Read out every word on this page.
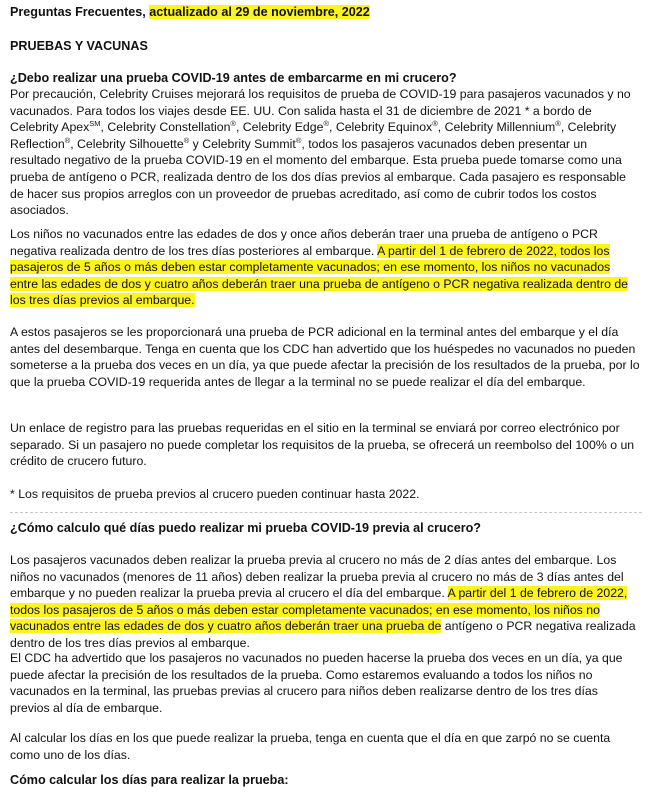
Preguntas Frecuentes, actualizado al 29 de noviembre, 2022
PRUEBAS Y VACUNAS
¿Debo realizar una prueba COVID-19 antes de embarcarme en mi crucero?

Por precaución, Celebrity Cruises mejorará los requisitos de prueba de COVID-19 para pasajeros vacunados y no vacunados. Para todos los viajes desde EE. UU. Con salida hasta el 31 de diciembre de 2021 * a bordo de Celebrity Apex℠, Celebrity Constellation®, Celebrity Edge®, Celebrity Equinox®, Celebrity Millennium®, Celebrity Reflection®, Celebrity Silhouette® y Celebrity Summit®, todos los pasajeros vacunados deben presentar un resultado negativo de la prueba COVID-19 en el momento del embarque. Esta prueba puede tomarse como una prueba de antígeno o PCR, realizada dentro de los dos días previos al embarque. Cada pasajero es responsable de hacer sus propios arreglos con un proveedor de pruebas acreditado, así como de cubrir todos los costos asociados.

Los niños no vacunados entre las edades de dos y once años deberán traer una prueba de antígeno o PCR negativa realizada dentro de los tres días posteriores al embarque. A partir del 1 de febrero de 2022, todos los pasajeros de 5 años o más deben estar completamente vacunados; en ese momento, los niños no vacunados entre las edades de dos y cuatro años deberán traer una prueba de antígeno o PCR negativa realizada dentro de los tres días previos al embarque.

A estos pasajeros se les proporcionará una prueba de PCR adicional en la terminal antes del embarque y el día antes del desembarque. Tenga en cuenta que los CDC han advertido que los huéspedes no vacunados no pueden someterse a la prueba dos veces en un día, ya que puede afectar la precisión de los resultados de la prueba, por lo que la prueba COVID-19 requerida antes de llegar a la terminal no se puede realizar el día del embarque.

Un enlace de registro para las pruebas requeridas en el sitio en la terminal se enviará por correo electrónico por separado. Si un pasajero no puede completar los requisitos de la prueba, se ofrecerá un reembolso del 100% o un crédito de crucero futuro.

* Los requisitos de prueba previos al crucero pueden continuar hasta 2022.

¿Cómo calculo qué días puedo realizar mi prueba COVID-19 previa al crucero?

Los pasajeros vacunados deben realizar la prueba previa al crucero no más de 2 días antes del embarque. Los niños no vacunados (menores de 11 años) deben realizar la prueba previa al crucero no más de 3 días antes del embarque y no pueden realizar la prueba previa al crucero el día del embarque. A partir del 1 de febrero de 2022, todos los pasajeros de 5 años o más deben estar completamente vacunados; en ese momento, los niños no vacunados entre las edades de dos y cuatro años deberán traer una prueba de antígeno o PCR negativa realizada dentro de los tres días previos al embarque.

El CDC ha advertido que los pasajeros no vacunados no pueden hacerse la prueba dos veces en un día, ya que puede afectar la precisión de los resultados de la prueba. Como estaremos evaluando a todos los niños no vacunados en la terminal, las pruebas previas al crucero para niños deben realizarse dentro de los tres días previos al día de embarque.

Al calcular los días en los que puede realizar la prueba, tenga en cuenta que el día en que zarpó no se cuenta como uno de los días.

Cómo calcular los días para realizar la prueba:
